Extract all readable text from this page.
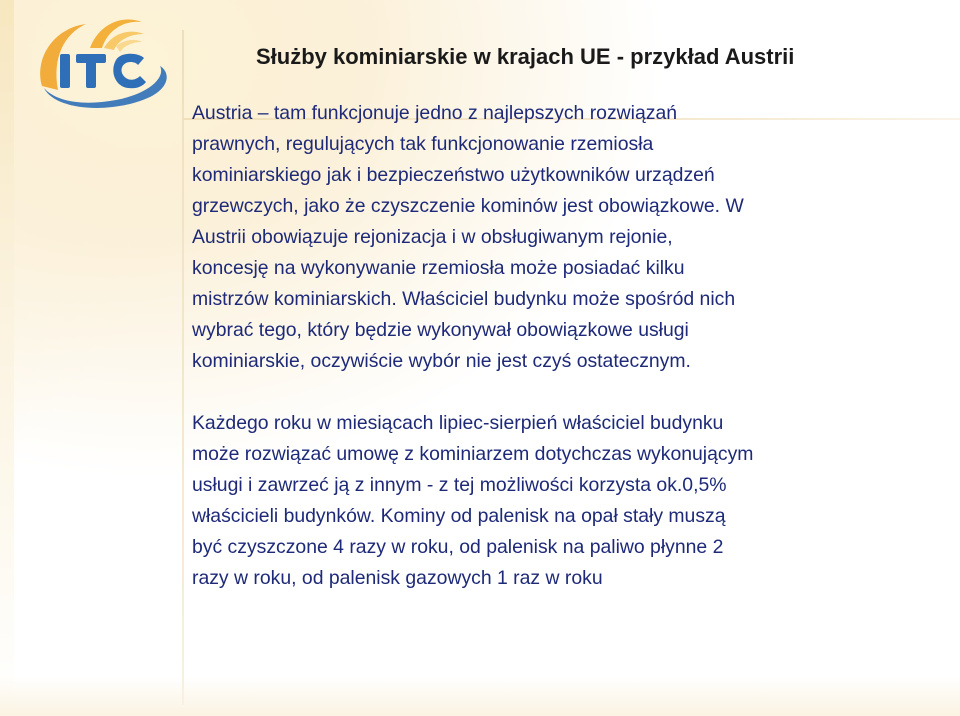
Służby kominiarskie w krajach UE - przykład Austrii
Austria – tam funkcjonuje jedno z najlepszych rozwiązań
prawnych, regulujących tak funkcjonowanie rzemiosła
kominiarskiego jak i bezpieczeństwo użytkowników urządzeń
grzewczych, jako że czyszczenie kominów jest obowiązkowe. W
Austrii obowiązuje rejonizacja i w obsługiwanym rejonie,
koncesję na wykonywanie rzemiosła może posiadać kilku
mistrzów kominiarskich. Właściciel budynku może spośród nich
wybrać tego, który będzie wykonywał obowiązkowe usługi
kominiarskie, oczywiście wybór nie jest czyś ostatecznym.
Każdego roku w miesiącach lipiec-sierpień właściciel budynku
może rozwiązać umowę z kominiarzem dotychczas wykonującym
usługi i zawrzeć ją z innym - z tej możliwości korzysta ok.0,5%
właścicieli budynków. Kominy od palenisk na opał stały muszą
być czyszczone 4 razy w roku, od palenisk na paliwo płynne 2
razy w roku, od palenisk gazowych 1 raz w roku
